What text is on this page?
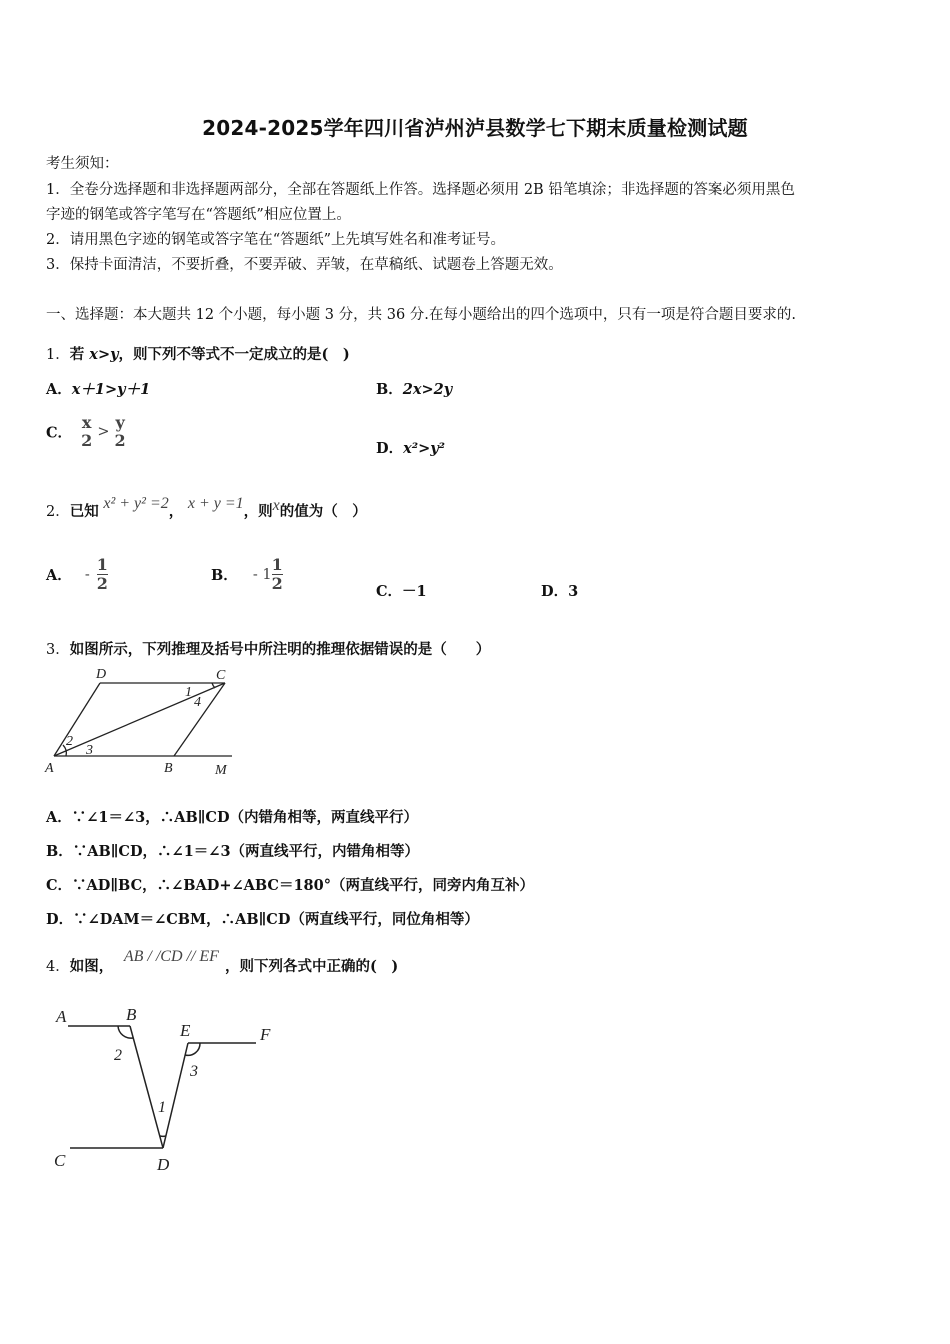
2024-2025学年四川省泸州泸县数学七下期末质量检测试题
考生须知：
1．全卷分选择题和非选择题两部分，全部在答题纸上作答。选择题必须用 2B 铅笔填涂；非选择题的答案必须用黑色
字迹的钢笔或答字笔写在“答题纸”相应位置上。
2．请用黑色字迹的钢笔或答字笔在“答题纸”上先填写姓名和准考证号。
3．保持卡面清洁，不要折叠，不要弄破、弄皱，在草稿纸、试题卷上答题无效。
一、选择题：本大题共 12 个小题，每小题 3 分，共 36 分.在每小题给出的四个选项中，只有一项是符合题目要求的.
1．若 x>y，则下列不等式不一定成立的是(　)
A．x＋1>y＋1	B．2x>2y
C．
x
2 > y
2	D．x²>y²
2．已知 x² + y² =2， x + y =1，则x的值为（　）
A． - $\frac{1}{2}$	B． - $1 \frac{1}{2}$	C．－1	D．3
3．如图所示，下列推理及括号中所注明的推理依据错误的是（　　）
D	C
A	B	M
1
2
3
4
A．∵∠1＝∠3，∴AB∥CD（内错角相等，两直线平行）
B．∵AB∥CD，∴∠1＝∠3（两直线平行，内错角相等）
C．∵AD∥BC，∴∠BAD+∠ABC＝180°（两直线平行，同旁内角互补）
D．∵∠DAM＝∠CBM，∴AB∥CD（两直线平行，同位角相等）
4．如图， AB / /CD // EF，则下列各式中正确的(　)
A	B
E	F
C	D
1
2
3
